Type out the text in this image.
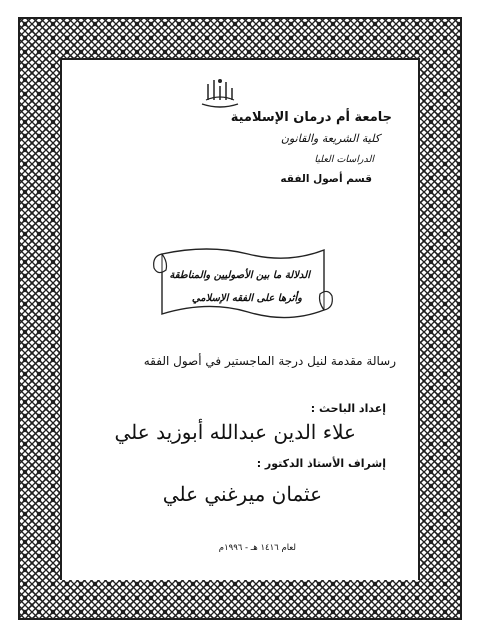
جامعة أم درمان الإسلامية
كلية الشريعة والقانون
الدراسات العليا
قسم أصول الفقه
الدلالة ما بين الأصوليين والمناطقة
وأثرها على الفقه الإسلامي
رسالة مقدمة لنيل درجة الماجستير في أصول الفقه
إعداد الباحث :
علاء الدين عبدالله أبوزيد علي
إشراف الأستاذ الدكتور :
عثمان ميرغني علي
لعام ١٤١٦ هـ - ١٩٩٦م
